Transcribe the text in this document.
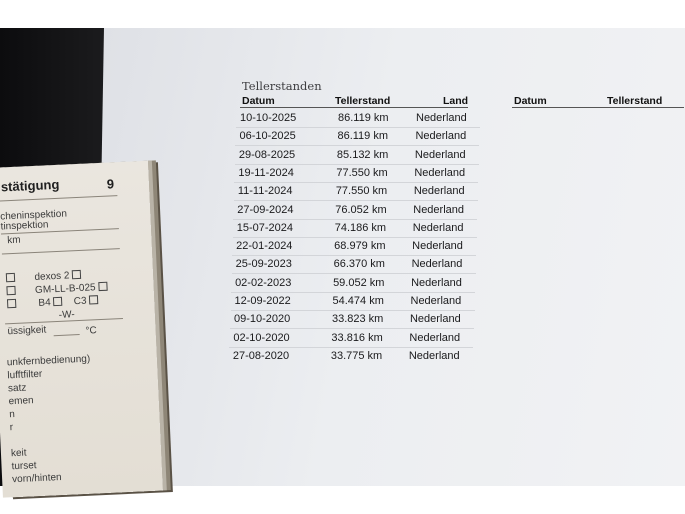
Tellerstanden
Datum	Tellerstand	Land	Datum	Tellerstand
10-10-2025	86.119 km Nederland
06-10-2025	86.119 km Nederland
29-08-2025	85.132 km Nederland
19-11-2024	77.550 km Nederland
11-11-2024	77.550 km Nederland
27-09-2024	76.052 km Nederland
15-07-2024	74.186 km Nederland
22-01-2024	68.979 km Nederland
25-09-2023	66.370 km Nederland
02-02-2023	59.052 km Nederland
12-09-2022	54.474 km Nederland
09-10-2020	33.823 km Nederland
02-10-2020	33.816 km Nederland
27-08-2020	33.775 km Nederland
stätigung	9
cheninspektion
tinspektion
km
dexos 2
GM-LL-B-025
B4 C3
-W-
üssigkeit	°C
unkfernbedienung)
lufftfilter
satz
emen
n
r
keit
turset
vorn/hinten
